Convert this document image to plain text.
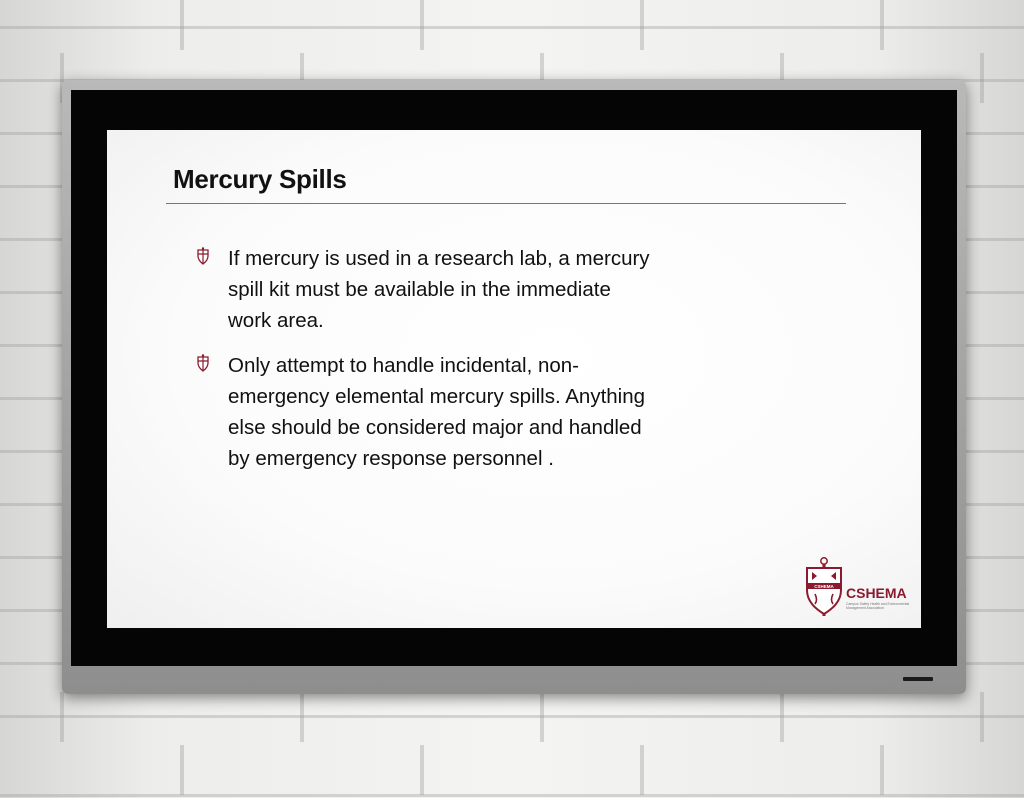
Mercury Spills
If mercury is used in a research lab, a mercury spill kit must be available in the immediate work area.
Only attempt to handle incidental, non-emergency elemental mercury spills. Anything else should be considered major and handled by emergency response personnel .
CSHEMA CSHEMA
Campus Safety Health and Environmental Management Association
